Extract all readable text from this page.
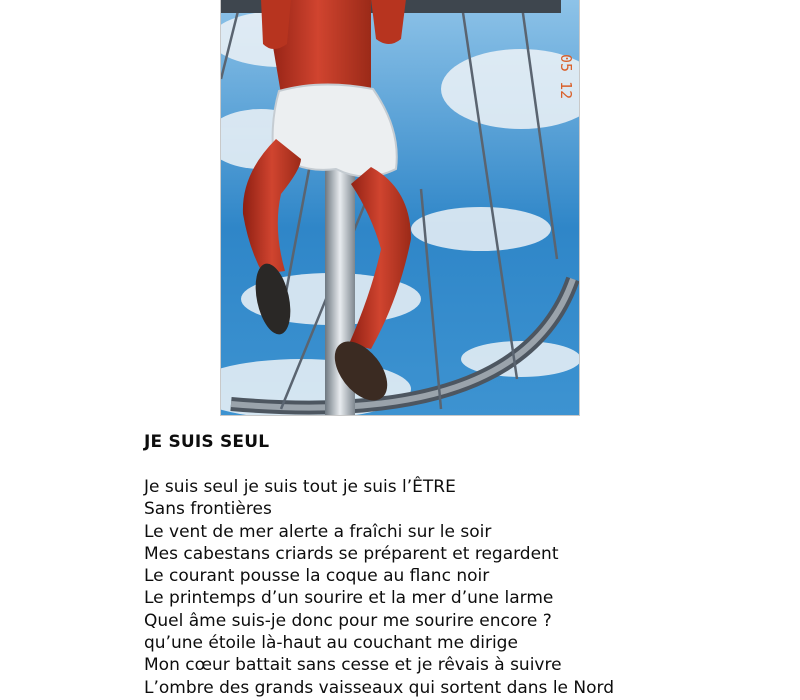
05 12
JE SUIS SEUL
Je suis seul je suis tout je suis l’ÊTRE
Sans frontières
Le vent de mer alerte a fraîchi sur le soir
Mes cabestans criards se préparent et regardent
Le courant pousse la coque au flanc noir
Le printemps d’un sourire et la mer d’une larme
Quel âme suis-je donc pour me sourire encore ?
qu’une étoile là-haut au couchant me dirige
Mon cœur battait sans cesse et je rêvais à suivre
L’ombre des grands vaisseaux qui sortent dans le Nord
